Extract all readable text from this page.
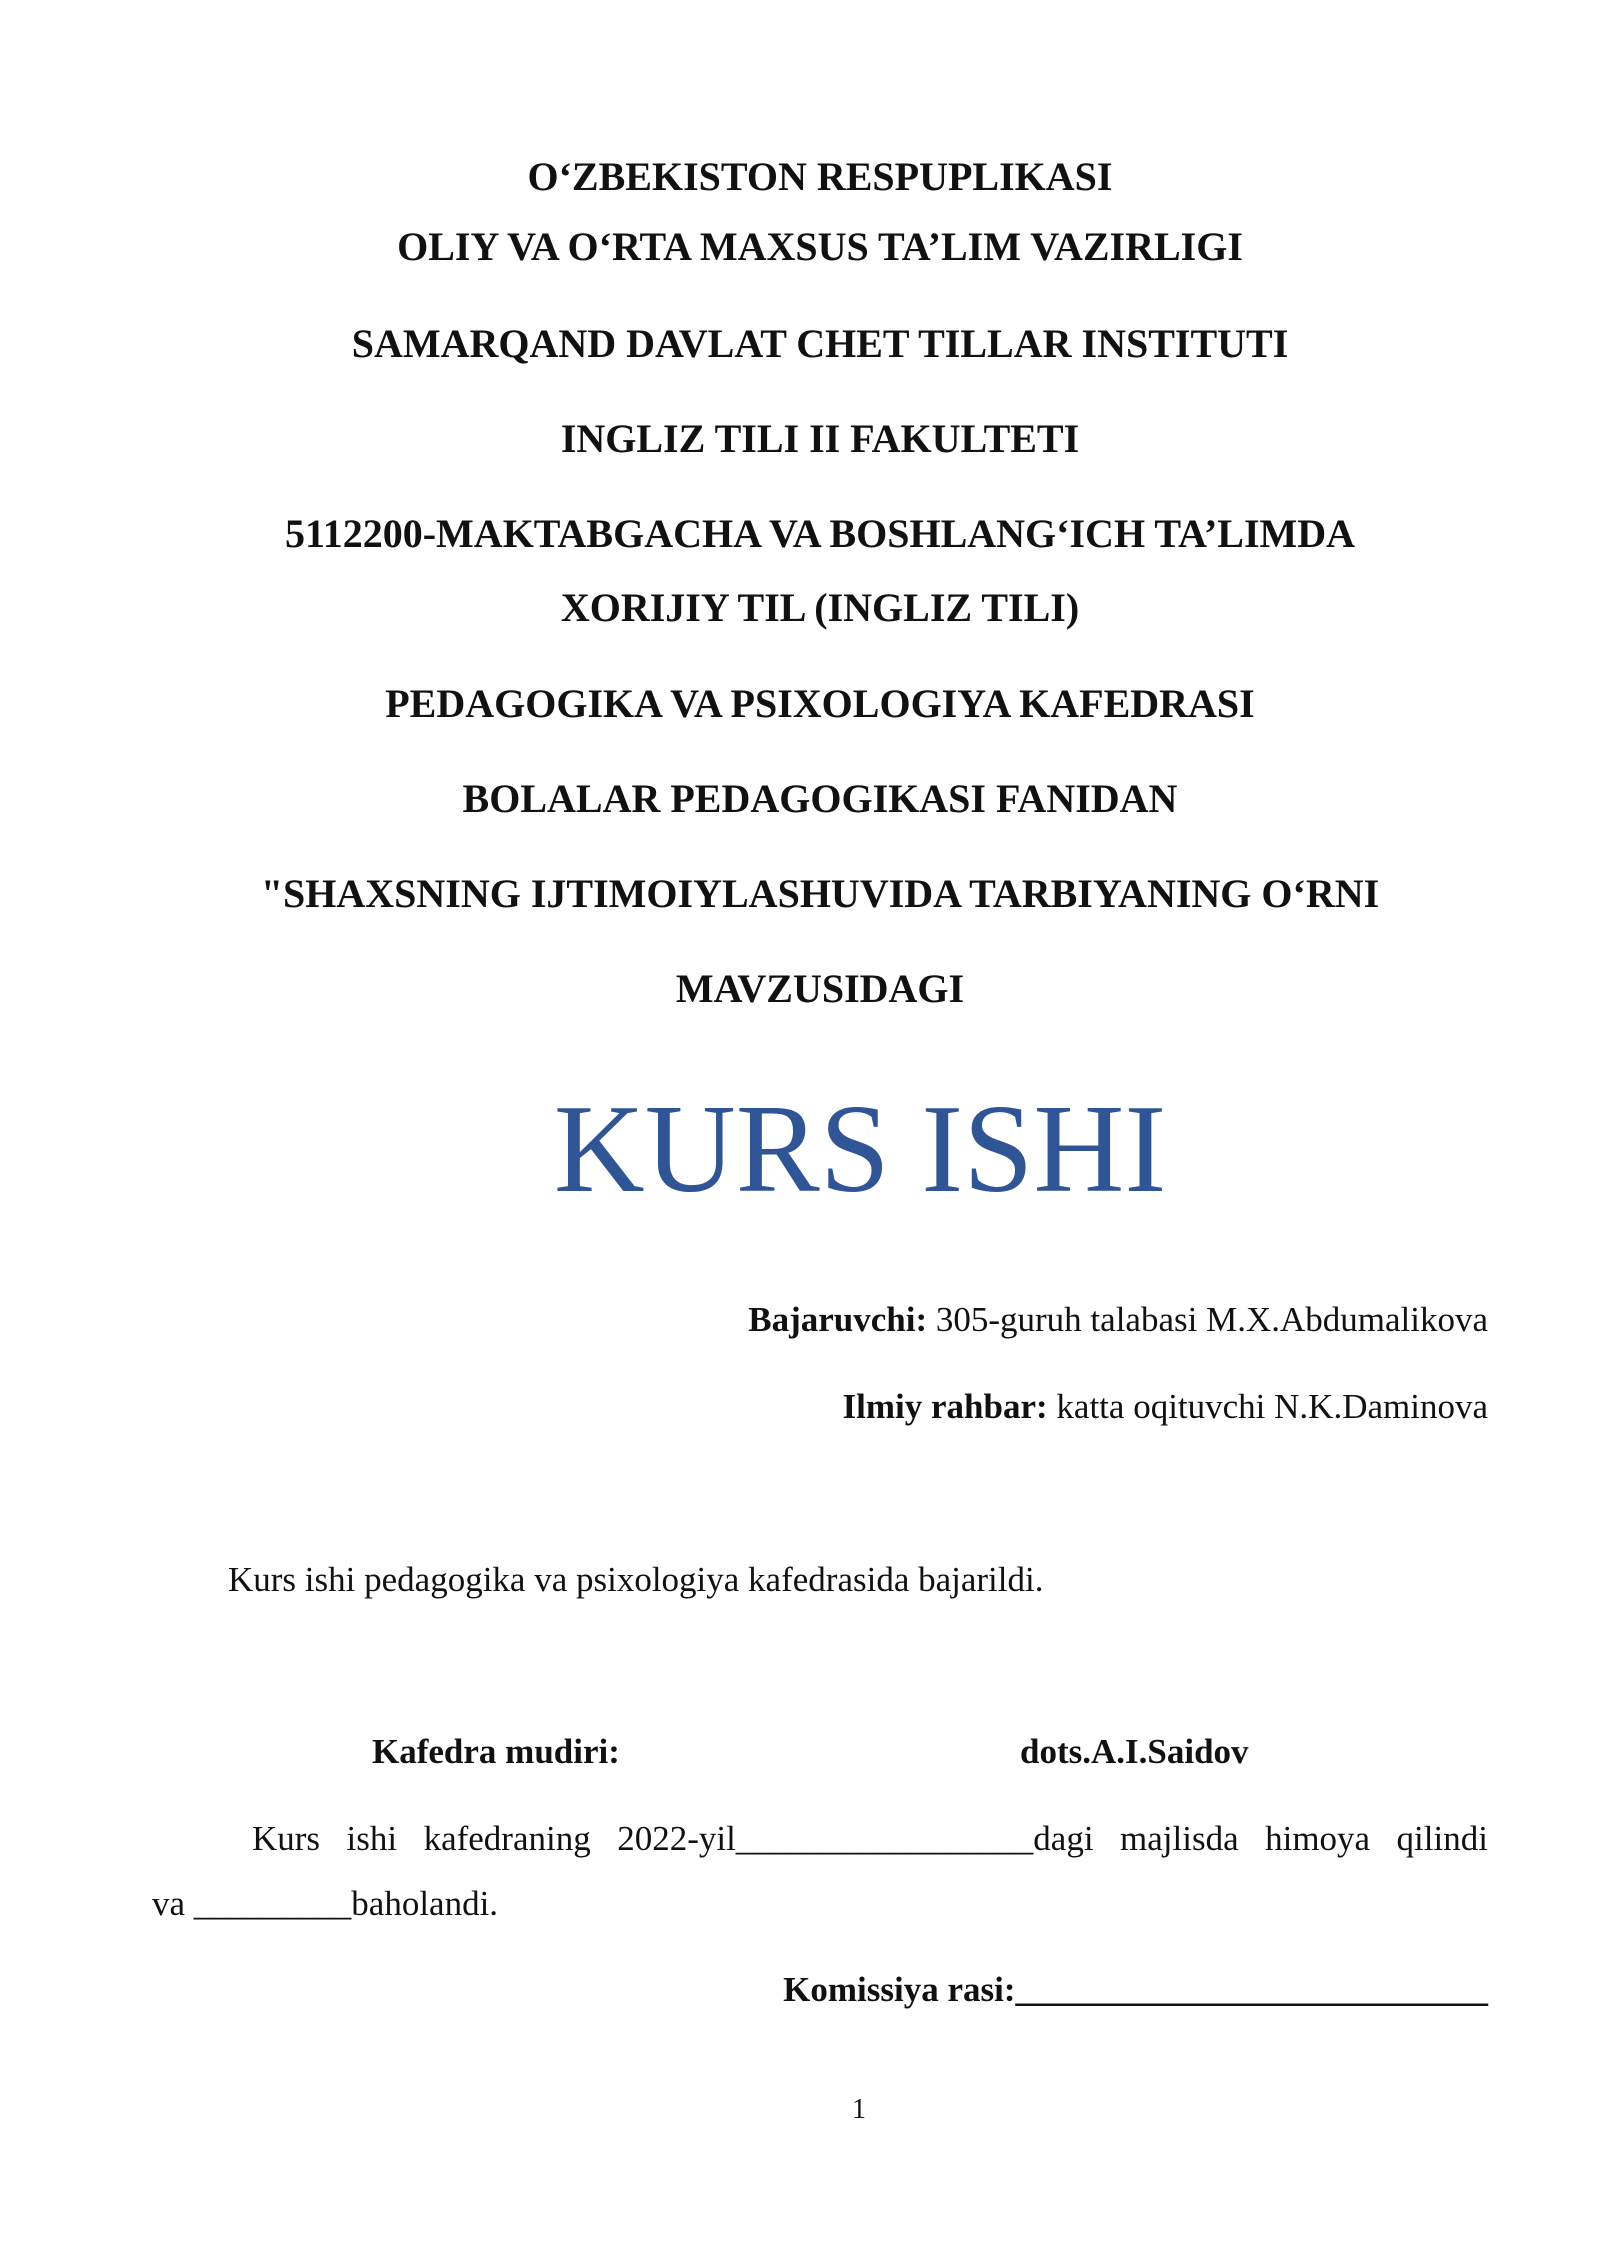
O‘ZBEKISTON RESPUPLIKASI
OLIY VA O‘RTA MAXSUS TA’LIM VAZIRLIGI
SAMARQAND DAVLAT CHET TILLAR INSTITUTI
INGLIZ TILI II FAKULTETI
5112200-MAKTABGACHA VA BOSHLANG‘ICH TA’LIMDA
XORIJIY TIL (INGLIZ TILI)
PEDAGOGIKA VA PSIXOLOGIYA KAFEDRASI
BOLALAR PEDAGOGIKASI FANIDAN
"SHAXSNING IJTIMOIYLASHUVIDA TARBIYANING O‘RNI
MAVZUSIDAGI
KURS ISHI
Bajaruvchi: 305-guruh talabasi M.X.Abdumalikova
Ilmiy rahbar: katta oqituvchi N.K.Daminova
Kurs ishi pedagogika va psixologiya kafedrasida bajarildi.
Kafedra mudiri:	dots.A.I.Saidov
Kurs ishi kafedraning 2022-yil_________________dagi majlisda himoya qilindi
va _________baholandi.
Komissiya rasi:___________________________
1
